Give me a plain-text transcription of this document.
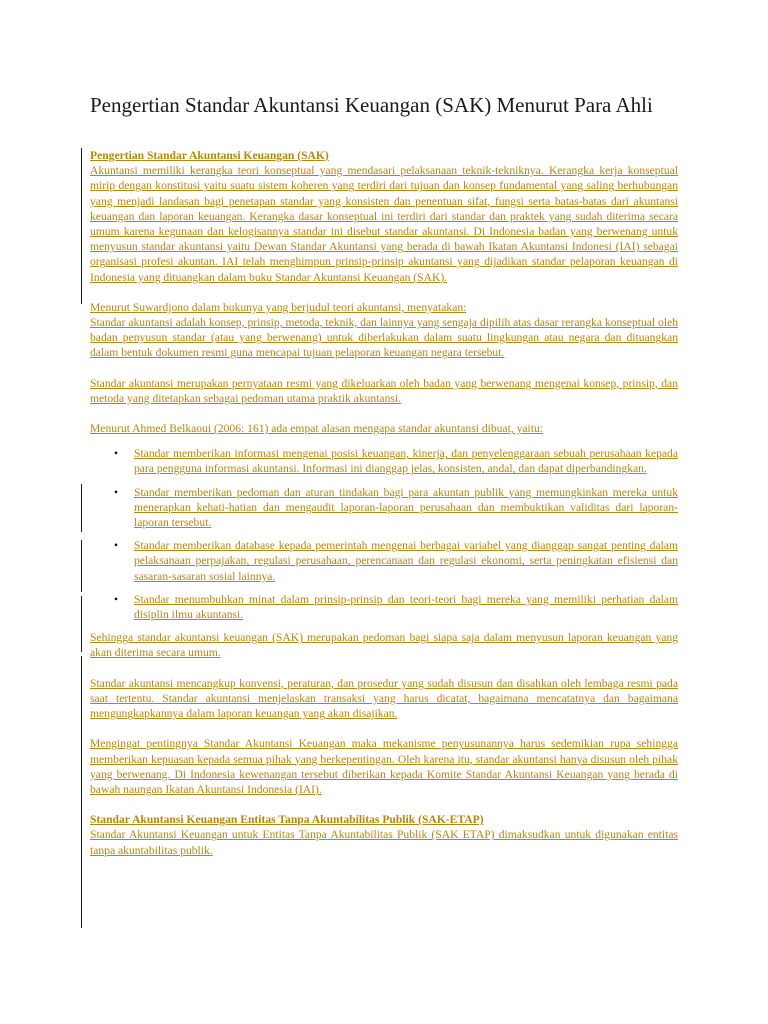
Pengertian Standar Akuntansi Keuangan (SAK) Menurut Para Ahli

Pengertian Standar Akuntansi Keuangan (SAK)

Akuntansi memiliki kerangka teori konseptual yang mendasari pelaksanaan teknik-tekniknya. Kerangka kerja konseptual mirip dengan konstitusi yaitu suatu sistem koheren yang terdiri dari tujuan dan konsep fundamental yang saling berhubungan yang menjadi landasan bagi penetapan standar yang konsisten dan penentuan sifat, fungsi serta batas-batas dari akuntansi keuangan dan laporan keuangan. Kerangka dasar konseptual ini terdiri dari standar dan praktek yang sudah diterima secara umum karena kegunaan dan kelogisannya standar ini disebut standar akuntansi. Di Indonesia badan yang berwenang untuk menyusun standar akuntansi yaitu Dewan Standar Akuntansi yang berada di bawah Ikatan Akuntansi Indonesi (IAI) sebagai organisasi profesi akuntan. IAI telah menghimpun prinsip-prinsip akuntansi yang dijadikan standar pelaporan keuangan di Indonesia yang dituangkan dalam buku Standar Akuntansi Keuangan (SAK).

Menurut Suwardjono dalam bukunya yang berjudul teori akuntansi, menyatakan:

Standar akuntansi adalah konsep, prinsip, metoda, teknik, dan lainnya yang sengaja dipilih atas dasar rerangka konseptual oleh badan penyusun standar (atau yang berwenang) untuk diberlakukan dalam suatu lingkungan atau negara dan dituangkan dalam bentuk dokumen resmi guna mencapai tujuan pelaporan keuangan negara tersebut.

Standar akuntansi merupakan pernyataan resmi yang dikeluarkan oleh badan yang berwenang mengenai konsep, prinsip, dan metoda yang ditetapkan sebagai pedoman utama praktik akuntansi.

Menurut Ahmed Belkaoui (2006: 161) ada empat alasan mengapa standar akuntansi dibuat, yaitu:

• Standar memberikan informasi mengenai posisi keuangan, kinerja, dan penyelenggaraan sebuah perusahaan kepada para pengguna informasi akuntansi. Informasi ini dianggap jelas, konsisten, andal, dan dapat diperbandingkan.
• Standar memberikan pedoman dan aturan tindakan bagi para akuntan publik yang memungkinkan mereka untuk menerapkan kehati-hatian dan mengaudit laporan-laporan perusahaan dan membuktikan validitas dari laporan-laporan tersebut.
• Standar memberikan database kepada pemerintah mengenai berbagai variabel yang dianggap sangat penting dalam pelaksanaan perpajakan, regulasi perusahaan, perencanaan dan regulasi ekonomi, serta peningkatan efisiensi dan sasaran-sasaran sosial lainnya.
• Standar menumbuhkan minat dalam prinsip-prinsip dan teori-teori bagi mereka yang memiliki perhatian dalam disiplin ilmu akuntansi.

Sehingga standar akuntansi keuangan (SAK) merupakan pedoman bagi siapa saja dalam menyusun laporan keuangan yang akan diterima secara umum.

Standar akuntansi mencangkup konvensi, peraturan, dan prosedur yang sudah disusun dan disahkan oleh lembaga resmi pada saat tertentu. Standar akuntansi menjelaskan transaksi yang harus dicatat, bagaimana mencatatnya dan bagaimana mengungkapkannya dalam laporan keuangan yang akan disajikan.

Mengingat pentingnya Standar Akuntansi Keuangan maka mekanisme penyusunannya harus sedemikian rupa sehingga memberikan kepuasan kepada semua pihak yang berkepentingan. Oleh karena itu, standar akuntansi hanya disusun oleh pihak yang berwenang. Di Indonesia kewenangan tersebut diberikan kepada Komite Standar Akuntansi Keuangan yang berada di bawah naungan Ikatan Akuntansi Indonesia (IAI).

Standar Akuntansi Keuangan Entitas Tanpa Akuntabilitas Publik (SAK-ETAP)

Standar Akuntansi Keuangan untuk Entitas Tanpa Akuntabilitas Publik (SAK ETAP) dimaksudkan untuk digunakan entitas tanpa akuntabilitas publik.
